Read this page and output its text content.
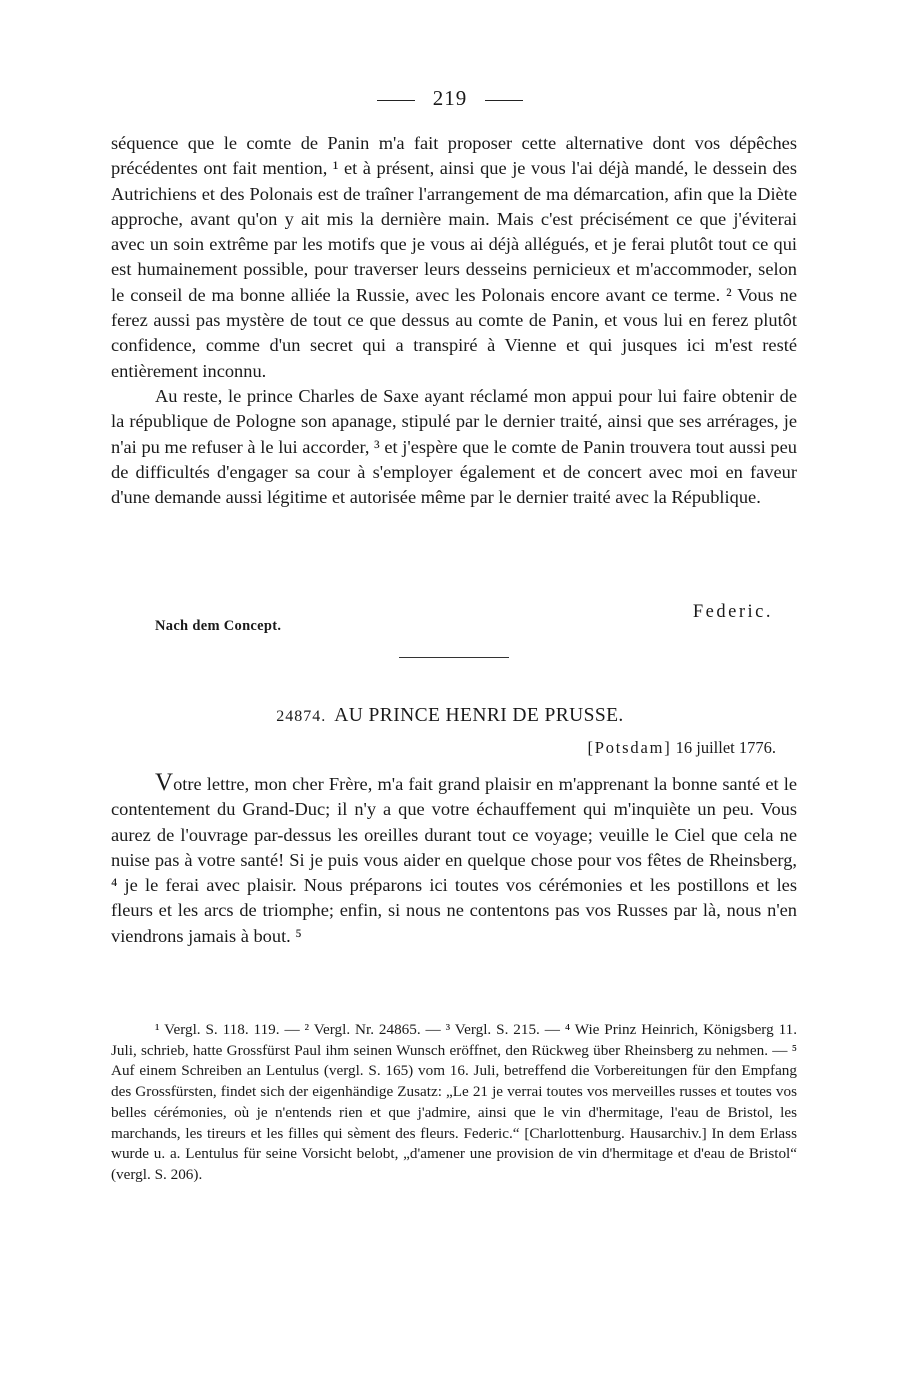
219

séquence que le comte de Panin m'a fait proposer cette alternative dont vos dépêches précédentes ont fait mention, ¹ et à présent, ainsi que je vous l'ai déjà mandé, le dessein des Autrichiens et des Polonais est de traîner l'arrangement de ma démarcation, afin que la Diète approche, avant qu'on y ait mis la dernière main. Mais c'est précisément ce que j'éviterai avec un soin extrême par les motifs que je vous ai déjà allégués, et je ferai plutôt tout ce qui est humainement possible, pour traverser leurs desseins pernicieux et m'accommoder, selon le conseil de ma bonne alliée la Russie, avec les Polonais encore avant ce terme. ² Vous ne ferez aussi pas mystère de tout ce que dessus au comte de Panin, et vous lui en ferez plutôt confidence, comme d'un secret qui a transpiré à Vienne et qui jusques ici m'est resté entièrement inconnu.

Au reste, le prince Charles de Saxe ayant réclamé mon appui pour lui faire obtenir de la république de Pologne son apanage, stipulé par le dernier traité, ainsi que ses arrérages, je n'ai pu me refuser à le lui accorder, ³ et j'espère que le comte de Panin trouvera tout aussi peu de difficultés d'engager sa cour à s'employer également et de concert avec moi en faveur d'une demande aussi légitime et autorisée même par le dernier traité avec la République.

Federic.
Nach dem Concept.
24874. AU PRINCE HENRI DE PRUSSE.
[Potsdam] 16 juillet 1776.

Votre lettre, mon cher Frère, m'a fait grand plaisir en m'apprenant la bonne santé et le contentement du Grand-Duc; il n'y a que votre échauffement qui m'inquiète un peu. Vous aurez de l'ouvrage par-dessus les oreilles durant tout ce voyage; veuille le Ciel que cela ne nuise pas à votre santé! Si je puis vous aider en quelque chose pour vos fêtes de Rheinsberg, ⁴ je le ferai avec plaisir. Nous préparons ici toutes vos cérémonies et les postillons et les fleurs et les arcs de triomphe; enfin, si nous ne contentons pas vos Russes par là, nous n'en viendrons jamais à bout. ⁵

¹ Vergl. S. 118. 119. — ² Vergl. Nr. 24865. — ³ Vergl. S. 215. — ⁴ Wie Prinz Heinrich, Königsberg 11. Juli, schrieb, hatte Grossfürst Paul ihm seinen Wunsch eröffnet, den Rückweg über Rheinsberg zu nehmen. — ⁵ Auf einem Schreiben an Lentulus (vergl. S. 165) vom 16. Juli, betreffend die Vorbereitungen für den Empfang des Grossfürsten, findet sich der eigenhändige Zusatz: „Le 21 je verrai toutes vos merveilles russes et toutes vos belles cérémonies, où je n'entends rien et que j'admire, ainsi que le vin d'hermitage, l'eau de Bristol, les marchands, les tireurs et les filles qui sèment des fleurs. Federic.“ [Charlottenburg. Hausarchiv.] In dem Erlass wurde u. a. Lentulus für seine Vorsicht belobt, „d'amener une provision de vin d'hermitage et d'eau de Bristol“ (vergl. S. 206).
